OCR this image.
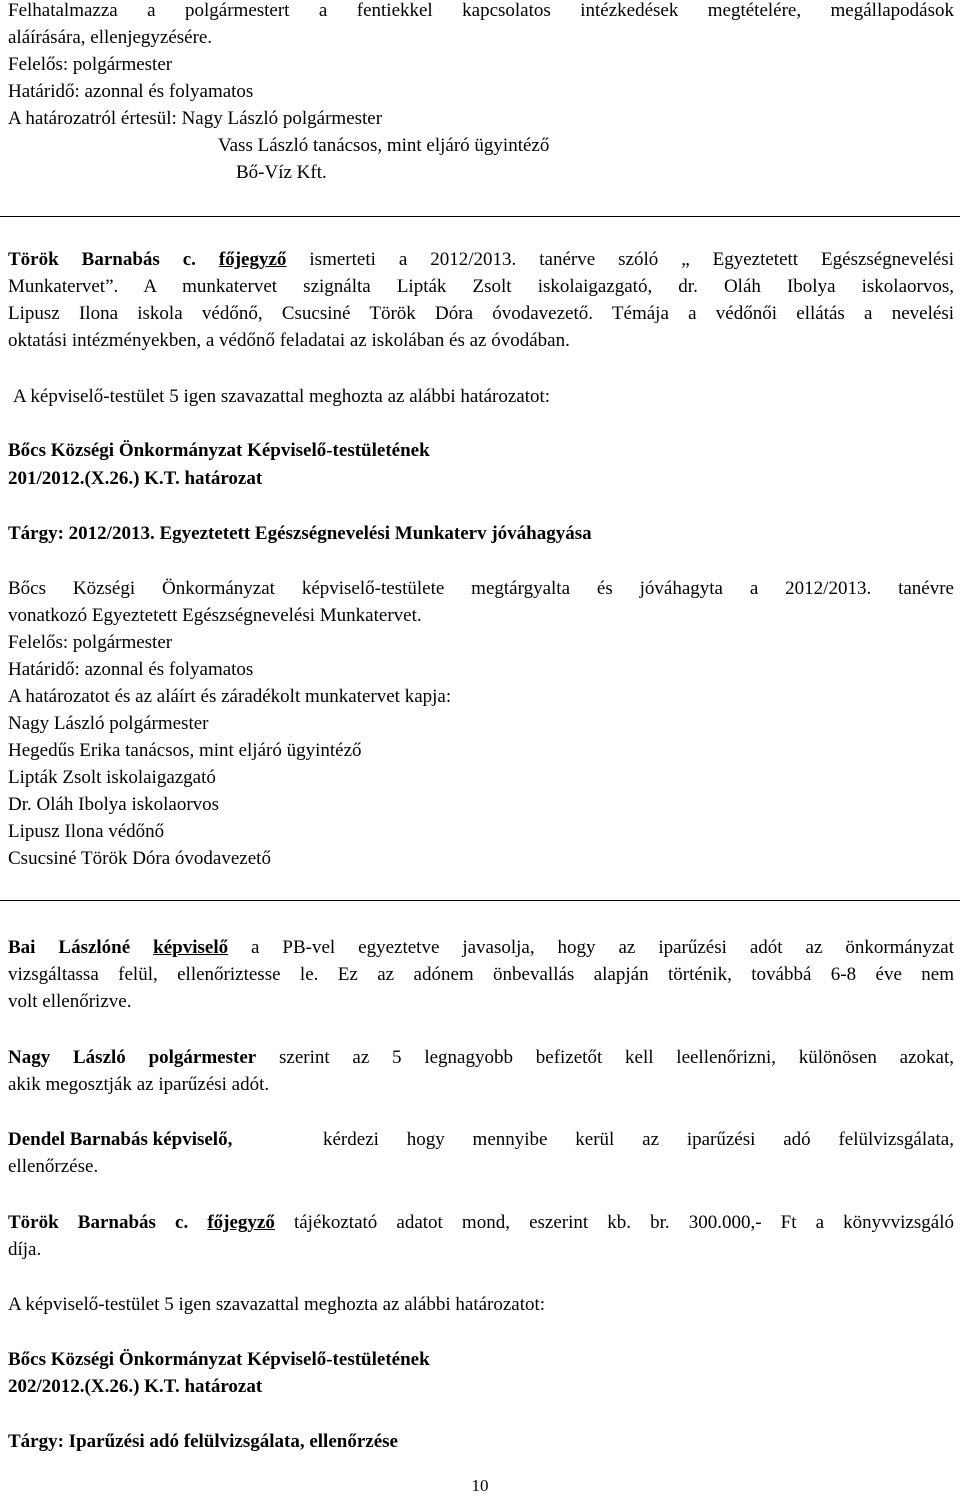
Felhatalmazza a polgármestert a fentiekkel kapcsolatos intézkedések megtételére, megállapodások
aláírására, ellenjegyzésére.
Felelős: polgármester
Határidő: azonnal és folyamatos
A határozatról értesül: Nagy László polgármester
Vass László tanácsos, mint eljáró ügyintéző
Bő-Víz Kft.
Török Barnabás c. főjegyző ismerteti a 2012/2013. tanérve szóló „ Egyeztetett Egészségnevelési
Munkatervet”. A munkatervet szignálta Lipták Zsolt iskolaigazgató, dr. Oláh Ibolya iskolaorvos,
Lipusz Ilona iskola védőnő, Csucsiné Török Dóra óvodavezető. Témája a védőnői ellátás a nevelési
oktatási intézményekben, a védőnő feladatai az iskolában és az óvodában.
A képviselő-testület 5 igen szavazattal meghozta az alábbi határozatot:
Bőcs Községi Önkormányzat Képviselő-testületének
201/2012.(X.26.) K.T. határozat
Tárgy: 2012/2013. Egyeztetett Egészségnevelési Munkaterv jóváhagyása
Bőcs Községi Önkormányzat képviselő-testülete megtárgyalta és jóváhagyta a 2012/2013. tanévre
vonatkozó Egyeztetett Egészségnevelési Munkatervet.
Felelős: polgármester
Határidő: azonnal és folyamatos
A határozatot és az aláírt és záradékolt munkatervet kapja:
Nagy László polgármester
Hegedűs Erika tanácsos, mint eljáró ügyintéző
Lipták Zsolt iskolaigazgató
Dr. Oláh Ibolya iskolaorvos
Lipusz Ilona védőnő
Csucsiné Török Dóra óvodavezető
Bai Lászlóné képviselő a PB-vel egyeztetve javasolja, hogy az iparűzési adót az önkormányzat
vizsgáltassa felül, ellenőriztesse le. Ez az adónem önbevallás alapján történik, továbbá 6-8 éve nem
volt ellenőrizve.
Nagy László polgármester szerint az 5 legnagyobb befizetőt kell leellenőrizni, különösen azokat,
akik megosztják az iparűzési adót.
Dendel Barnabás képviselő,	kérdezi hogy mennyibe kerül az iparűzési adó felülvizsgálata,
ellenőrzése.
Török Barnabás c. főjegyző tájékoztató adatot mond, eszerint kb. br. 300.000,- Ft a könyvvizsgáló
díja.
A képviselő-testület 5 igen szavazattal meghozta az alábbi határozatot:
Bőcs Községi Önkormányzat Képviselő-testületének
202/2012.(X.26.) K.T. határozat
Tárgy: Iparűzési adó felülvizsgálata, ellenőrzése
10
